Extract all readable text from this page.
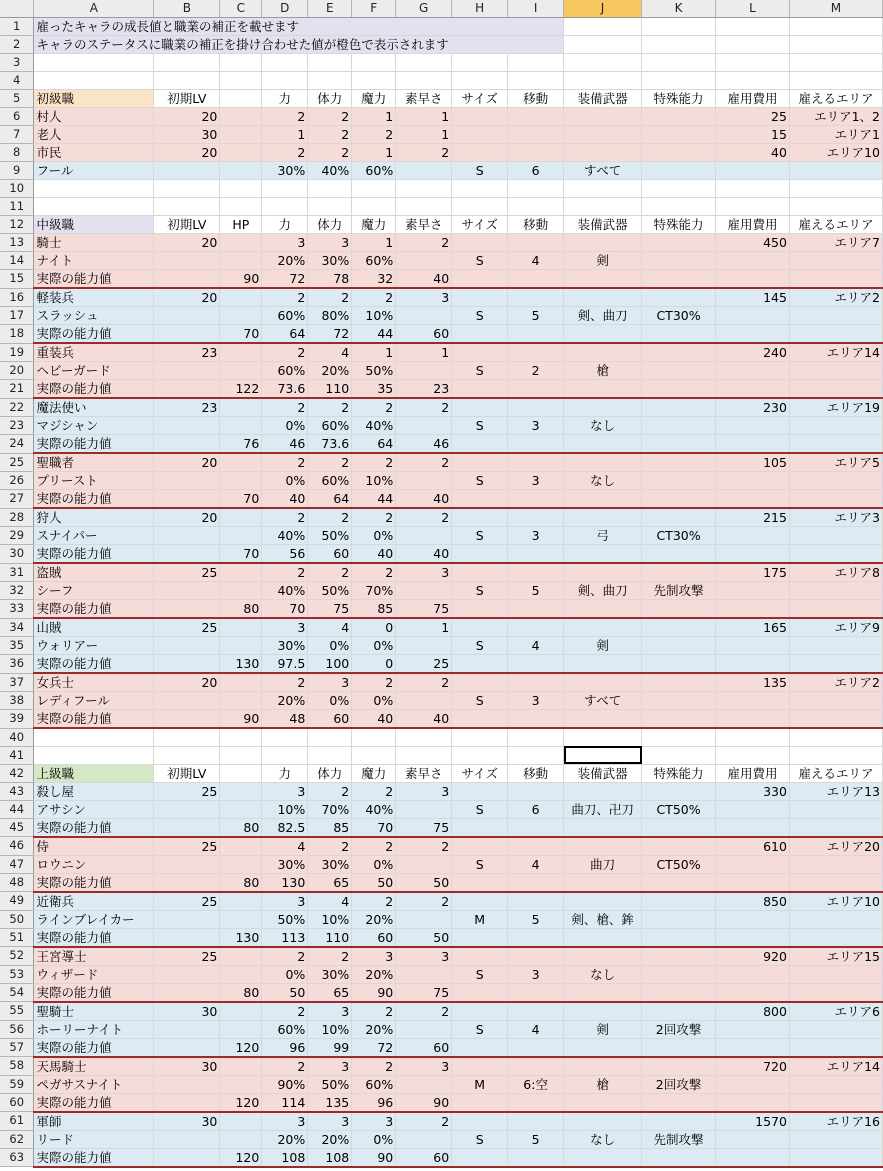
	A	B	C	D	E	F	G	H	I	J	K	L	M
1	雇ったキャラの成長値と職業の補正を載せます												
2	キャラのステータスに職業の補正を掛け合わせた値が橙色で表示されます												
3													
4													
5	初級職	初期LV		力	体力	魔力	素早さ	サイズ	移動	装備武器	特殊能力	雇用費用	雇えるエリア
6	村人	20		2	2	1	1					25	エリア1、2
7	老人	30		1	2	2	1					15	エリア1
8	市民	20		2	2	1	2					40	エリア10
9	フール			30%	40%	60%		S	6	すべて			
10													
11													
12	中級職	初期LV	HP	力	体力	魔力	素早さ	サイズ	移動	装備武器	特殊能力	雇用費用	雇えるエリア
13	騎士	20		3	3	1	2					450	エリア7
14	ナイト			20%	30%	60%		S	4	剣			
15	実際の能力値		90	72	78	32	40						
16	軽装兵	20		2	2	2	3					145	エリア2
17	スラッシュ			60%	80%	10%		S	5	剣、曲刀	CT30%		
18	実際の能力値		70	64	72	44	60						
19	重装兵	23		2	4	1	1					240	エリア14
20	ヘビーガード			60%	20%	50%		S	2	槍			
21	実際の能力値		122	73.6	110	35	23						
22	魔法使い	23		2	2	2	2					230	エリア19
23	マジシャン			0%	60%	40%		S	3	なし			
24	実際の能力値		76	46	73.6	64	46						
25	聖職者	20		2	2	2	2					105	エリア5
26	プリースト			0%	60%	10%		S	3	なし			
27	実際の能力値		70	40	64	44	40						
28	狩人	20		2	2	2	2					215	エリア3
29	スナイパー			40%	50%	0%		S	3	弓	CT30%		
30	実際の能力値		70	56	60	40	40						
31	盗賊	25		2	2	2	3					175	エリア8
32	シーフ			40%	50%	70%		S	5	剣、曲刀	先制攻撃		
33	実際の能力値		80	70	75	85	75						
34	山賊	25		3	4	0	1					165	エリア9
35	ウォリアー			30%	0%	0%		S	4	剣			
36	実際の能力値		130	97.5	100	0	25						
37	女兵士	20		2	3	2	2					135	エリア2
38	レディフール			20%	0%	0%		S	3	すべて			
39	実際の能力値		90	48	60	40	40						
40													
41													
42	上級職	初期LV		力	体力	魔力	素早さ	サイズ	移動	装備武器	特殊能力	雇用費用	雇えるエリア
43	殺し屋	25		3	2	2	3					330	エリア13
44	アサシン			10%	70%	40%		S	6	曲刀、卍刀	CT50%		
45	実際の能力値		80	82.5	85	70	75						
46	侍	25		4	2	2	2					610	エリア20
47	ロウニン			30%	30%	0%		S	4	曲刀	CT50%		
48	実際の能力値		80	130	65	50	50						
49	近衛兵	25		3	4	2	2					850	エリア10
50	ラインブレイカー			50%	10%	20%		M	5	剣、槍、鉾			
51	実際の能力値		130	113	110	60	50						
52	王宮導士	25		2	2	3	3					920	エリア15
53	ウィザード			0%	30%	20%		S	3	なし			
54	実際の能力値		80	50	65	90	75						
55	聖騎士	30		2	3	2	2					800	エリア6
56	ホーリーナイト			60%	10%	20%		S	4	剣	2回攻撃		
57	実際の能力値		120	96	99	72	60						
58	天馬騎士	30		2	3	2	3					720	エリア14
59	ペガサスナイト			90%	50%	60%		M	6:空	槍	2回攻撃		
60	実際の能力値		120	114	135	96	90						
61	軍師	30		3	3	3	2					1570	エリア16
62	リード			20%	20%	0%		S	5	なし	先制攻撃		
63	実際の能力値		120	108	108	90	60						
